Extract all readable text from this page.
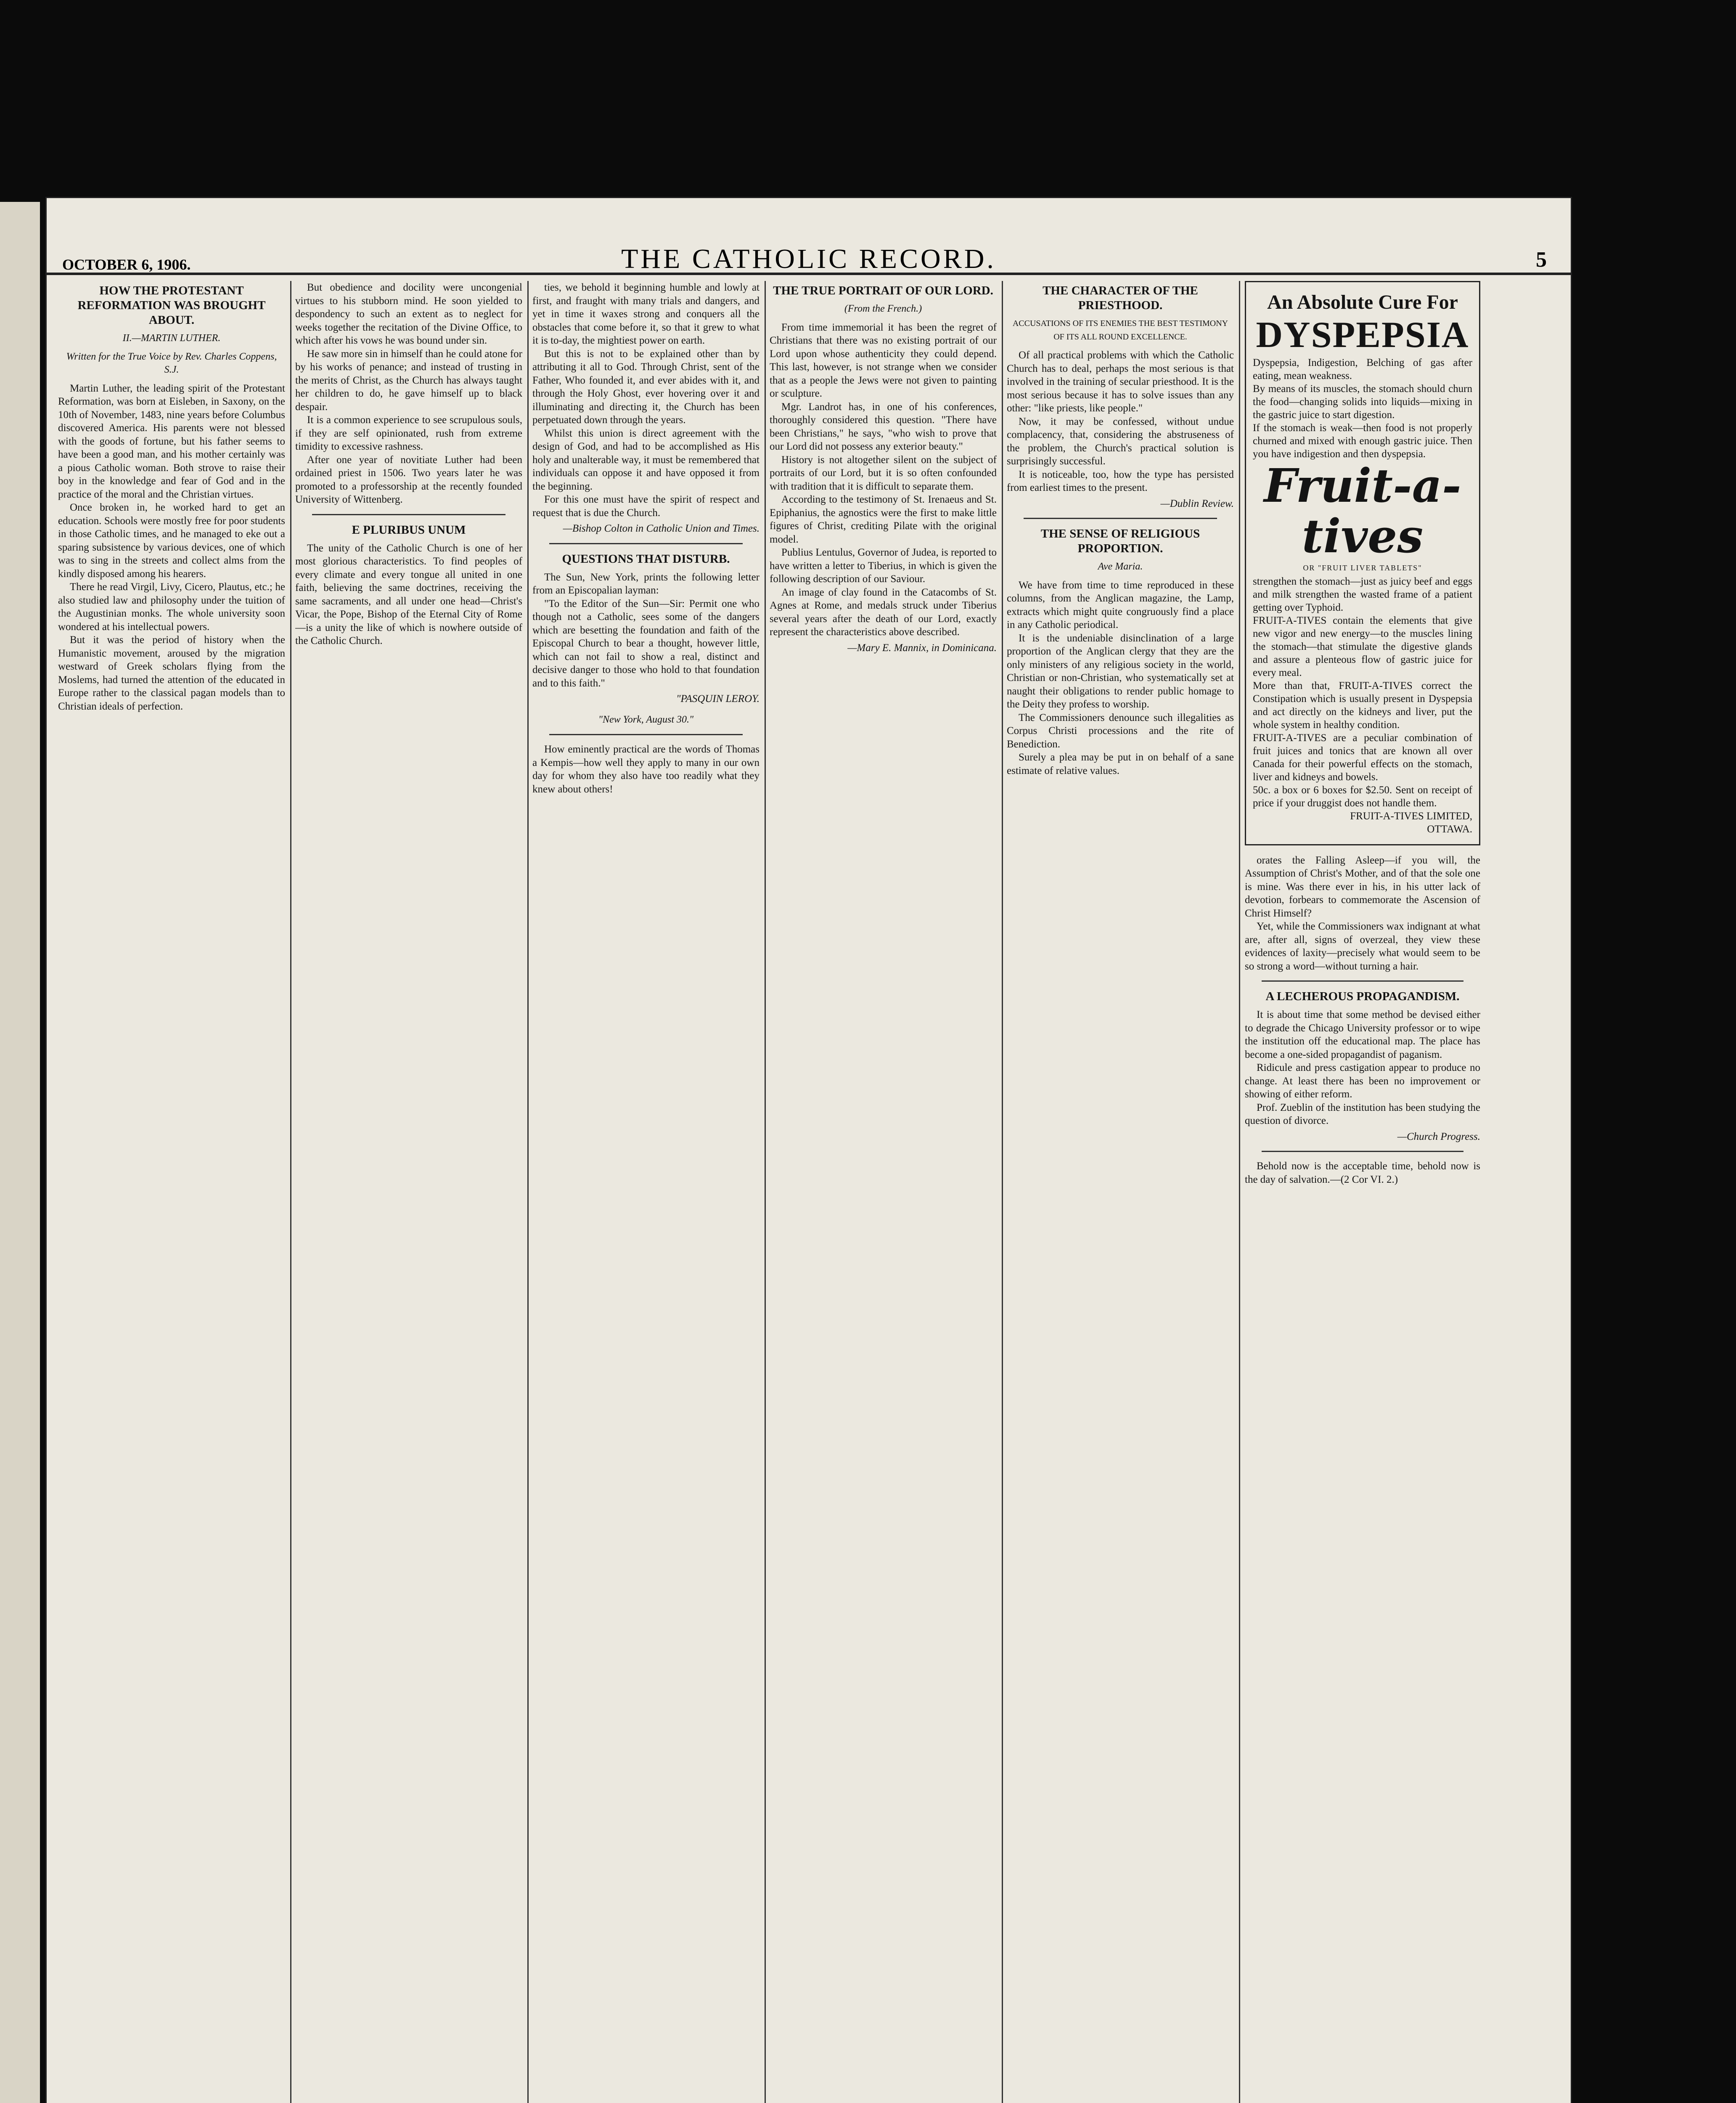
OCTOBER 6, 1906.	THE CATHOLIC RECORD.	5
HOW THE PROTESTANT REFORMATION WAS BROUGHT ABOUT.
II.—MARTIN LUTHER.
Written for the True Voice by Rev. Charles Coppens, S.J.

Martin Luther, the leading spirit of the Protestant Reformation, was born at Eisleben, in Saxony, on the 10th of November, 1483, nine years before Columbus discovered America. His parents were not blessed with the goods of fortune, but his father seems to have been a good man, and his mother certainly was a pious Catholic woman. Both strove to raise their boy in the knowledge and fear of God and in the practice of the moral and the Christian virtues.

Once broken in, he worked hard to get an education. Schools were mostly free for poor students in those Catholic times, and he managed to eke out a sparing subsistence by various devices, one of which was to sing in the streets and collect alms from the kindly disposed among his hearers.

There he read Virgil, Livy, Cicero, Plautus, etc.; he also studied law and philosophy under the tuition of the Augustinian monks. The whole university soon wondered at his intellectual powers.

But it was the period of history when the Humanistic movement, aroused by the migration westward of Greek scholars flying from the Moslems, had turned the attention of the educated in Europe rather to the classical pagan models than to Christian ideals of perfection.

But obedience and docility were uncongenial virtues to his stubborn mind. He soon yielded to despondency to such an extent as to neglect for weeks together the recitation of the Divine Office, to which after his vows he was bound under sin.

He saw more sin in himself than he could atone for by his works of penance; and instead of trusting in the merits of Christ, as the Church has always taught her children to do, he gave himself up to black despair.

It is a common experience to see scrupulous souls, if they are self opinionated, rush from extreme timidity to excessive rashness.

After one year of novitiate Luther had been ordained priest in 1506. Two years later he was promoted to a professorship at the recently founded University of Wittenberg.

E PLURIBUS UNUM

The unity of the Catholic Church is one of her most glorious characteristics. To find peoples of every climate and every tongue all united in one faith, believing the same doctrines, receiving the same sacraments, and all under one head—Christ's Vicar, the Pope, Bishop of the Eternal City of Rome—is a unity the like of which is nowhere outside of the Catholic Church.

ties, we behold it beginning humble and lowly at first, and fraught with many trials and dangers, and yet in time it waxes strong and conquers all the obstacles that come before it, so that it grew to what it is to-day, the mightiest power on earth.

But this is not to be explained other than by attributing it all to God. Through Christ, sent of the Father, Who founded it, and ever abides with it, and through the Holy Ghost, ever hovering over it and illuminating and directing it, the Church has been perpetuated down through the years.

Whilst this union is direct agreement with the design of God, and had to be accomplished as His holy and unalterable way, it must be remembered that individuals can oppose it and have opposed it from the beginning.

For this one must have the spirit of respect and request that is due the Church.

—Bishop Colton in Catholic Union and Times.
QUESTIONS THAT DISTURB.

The Sun, New York, prints the following letter from an Episcopalian layman:

"To the Editor of the Sun—Sir: Permit one who though not a Catholic, sees some of the dangers which are besetting the foundation and faith of the Episcopal Church to bear a thought, however little, which can not fail to show a real, distinct and decisive danger to those who hold to that foundation and to this faith."

"PASQUIN LEROY.
"New York, August 30."

How eminently practical are the words of Thomas a Kempis—how well they apply to many in our own day for whom they also have too readily what they knew about others!

THE TRUE PORTRAIT OF OUR LORD.
(From the French.)

From time immemorial it has been the regret of Christians that there was no existing portrait of our Lord upon whose authenticity they could depend. This last, however, is not strange when we consider that as a people the Jews were not given to painting or sculpture.

Mgr. Landrot has, in one of his conferences, thoroughly considered this question. "There have been Christians," he says, "who wish to prove that our Lord did not possess any exterior beauty."

History is not altogether silent on the subject of portraits of our Lord, but it is so often confounded with tradition that it is difficult to separate them.

According to the testimony of St. Irenaeus and St. Epiphanius, the agnostics were the first to make little figures of Christ, crediting Pilate with the original model.

Publius Lentulus, Governor of Judea, is reported to have written a letter to Tiberius, in which is given the following description of our Saviour.

An image of clay found in the Catacombs of St. Agnes at Rome, and medals struck under Tiberius several years after the death of our Lord, exactly represent the characteristics above described.

—Mary E. Mannix, in Dominicana.
THE CHARACTER OF THE PRIESTHOOD.
ACCUSATIONS OF ITS ENEMIES THE BEST TESTIMONY OF ITS ALL ROUND EXCELLENCE.

Of all practical problems with which the Catholic Church has to deal, perhaps the most serious is that involved in the training of secular priesthood. It is the most serious because it has to solve issues than any other: "like priests, like people."

Now, it may be confessed, without undue complacency, that, considering the abstruseness of the problem, the Church's practical solution is surprisingly successful.

It is noticeable, too, how the type has persisted from earliest times to the present.

—Dublin Review.
THE SENSE OF RELIGIOUS PROPORTION.
Ave Maria.

We have from time to time reproduced in these columns, from the Anglican magazine, the Lamp, extracts which might quite congruously find a place in any Catholic periodical.

It is the undeniable disinclination of a large proportion of the Anglican clergy that they are the only ministers of any religious society in the world, Christian or non-Christian, who systematically set at naught their obligations to render public homage to the Deity they profess to worship.

The Commissioners denounce such illegalities as Corpus Christi processions and the rite of Benediction.

Surely a plea may be put in on behalf of a sane estimate of relative values.

An Absolute Cure For
DYSPEPSIA
Dyspepsia, Indigestion, Belching of gas after eating, mean weakness.
By means of its muscles, the stomach should churn the food—changing solids into liquids—mixing in the gastric juice to start digestion.
If the stomach is weak—then food is not properly churned and mixed with enough gastric juice. Then you have indigestion and then dyspepsia.
Fruit-a-tives
OR "FRUIT LIVER TABLETS"
strengthen the stomach—just as juicy beef and eggs and milk strengthen the wasted frame of a patient getting over Typhoid.
FRUIT-A-TIVES contain the elements that give new vigor and new energy—to the muscles lining the stomach—that stimulate the digestive glands and assure a plenteous flow of gastric juice for every meal.
More than that, FRUIT-A-TIVES correct the Constipation which is usually present in Dyspepsia and act directly on the kidneys and liver, put the whole system in healthy condition.
FRUIT-A-TIVES are a peculiar combination of fruit juices and tonics that are known all over Canada for their powerful effects on the stomach, liver and kidneys and bowels.
50c. a box or 6 boxes for $2.50. Sent on receipt of price if your druggist does not handle them.
FRUIT-A-TIVES LIMITED,
OTTAWA.

orates the Falling Asleep—if you will, the Assumption of Christ's Mother, and of that the sole one is mine. Was there ever in his, in his utter lack of devotion, forbears to commemorate the Ascension of Christ Himself?

Yet, while the Commissioners wax indignant at what are, after all, signs of overzeal, they view these evidences of laxity—precisely what would seem to be so strong a word—without turning a hair.

A LECHEROUS PROPAGANDISM.

It is about time that some method be devised either to degrade the Chicago University professor or to wipe the institution off the educational map. The place has become a one-sided propagandist of paganism.

Ridicule and press castigation appear to produce no change. At least there has been no improvement or showing of either reform.

Prof. Zueblin of the institution has been studying the question of divorce.

—Church Progress.

Behold now is the acceptable time, behold now is the day of salvation.—(2 Cor VI. 2.)
